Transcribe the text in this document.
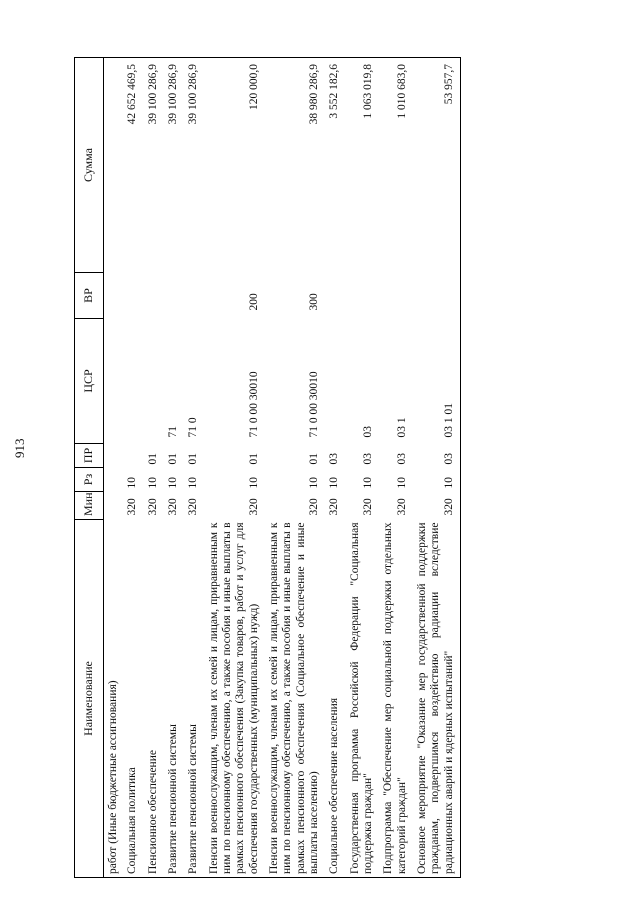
913
Наименование	Мин	Рз	ПР	ЦСР	ВР	Сумма
работ (Иные бюджетные ассигнования)						
Социальная политика	320	10				42 652 469,5
Пенсионное обеспечение	320	10	01			39 100 286,9
Развитие пенсионной системы	320	10	01	71		39 100 286,9
Развитие пенсионной системы	320	10	01	71 0		39 100 286,9
Пенсии военнослужащим, членам их семей и лицам, приравненным к ним по пенсионному обеспечению, а также пособия и иные выплаты в рамках пенсионного обеспечения (Закупка товаров, работ и услуг для обеспечения государственных (муниципальных) нужд)	320	10	01	71 0 00 30010	200	120 000,0
Пенсии военнослужащим, членам их семей и лицам, приравненным к ним по пенсионному обеспечению, а также пособия и иные выплаты в рамках пенсионного обеспечения (Социальное обеспечение и иные выплаты населению)	320	10	01	71 0 00 30010	300	38 980 286,9
Социальное обеспечение населения	320	10	03			3 552 182,6
Государственная программа Российской Федерации "Социальная поддержка граждан"	320	10	03	03		1 063 019,8
Подпрограмма "Обеспечение мер социальной поддержки отдельных категорий граждан"	320	10	03	03 1		1 010 683,0
Основное мероприятие "Оказание мер государственной поддержки гражданам, подвергшимся воздействию радиации вследствие радиационных аварий и ядерных испытаний"	320	10	03	03 1 01		53 957,7
